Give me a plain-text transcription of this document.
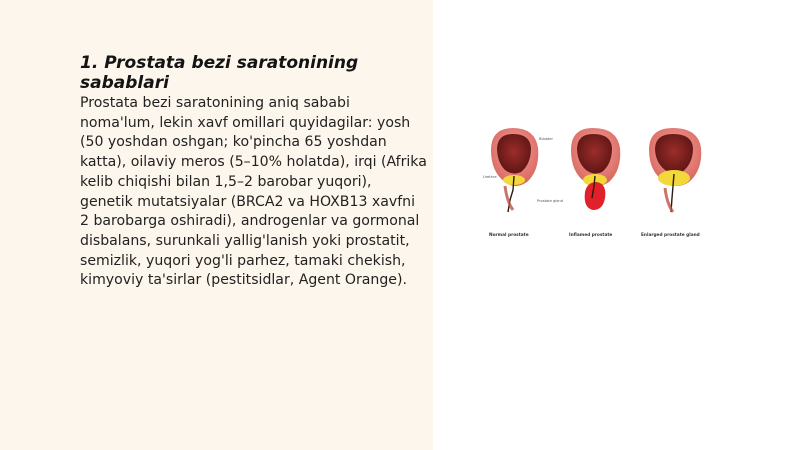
1. Prostata bezi saratonining sabablari

Prostata bezi saratonining aniq sababi noma'lum, lekin xavf omillari quyidagilar: yosh (50 yoshdan oshgan; ko'pincha 65 yoshdan katta), oilaviy meros (5–10% holatda), irqi (Afrika kelib chiqishi bilan 1,5–2 barobar yuqori), genetik mutatsiyalar (BRCA2 va HOXB13 xavfni 2 barobarga oshiradi), androgenlar va gormonal disbalans, surunkali yallig'lanish yoki prostatit, semizlik, yuqori yog'li parhez, tamaki chekish, kimyoviy ta'sirlar (pestitsidlar, Agent Orange).

Bladder
Urethra
Prostate gland
Normal prostate	Inflamed prostate	Enlarged prostate gland
